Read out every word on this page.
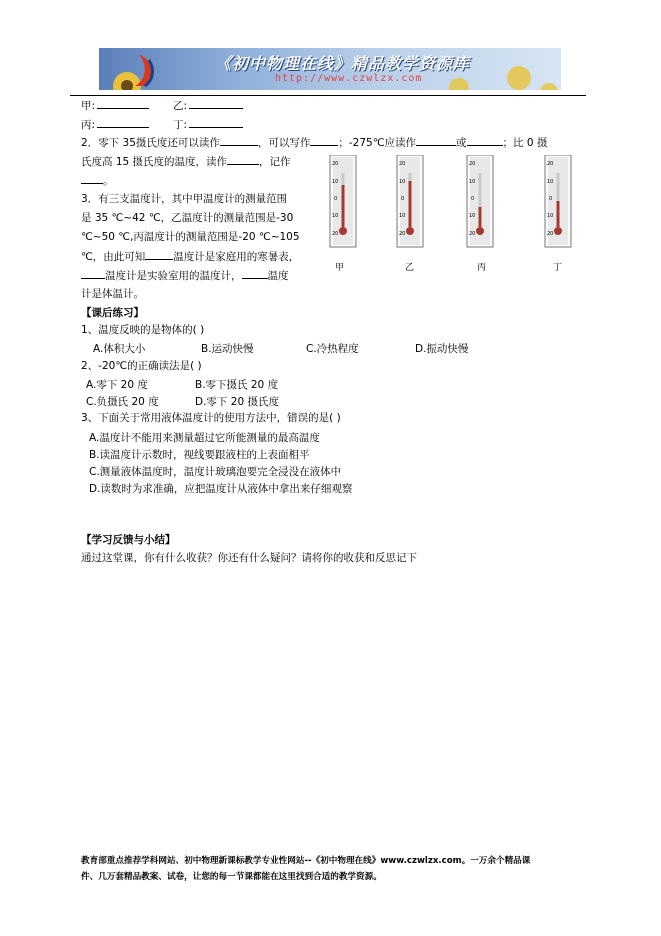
《初中物理在线》精品教学资源库
http://www.czwlzx.com
甲:	乙:
丙:	丁:
2．零下 35摄氏度还可以读作	，可以写作	；-275℃应读作	或	；比 0 摄
氏度高 15 摄氏度的温度，读作	，记作
。
3．有三支温度计，其中甲温度计的测量范围
是 35 ℃~42 ℃，乙温度计的测量范围是-30
℃~50 ℃,丙温度计的测量范围是-20 ℃~105
℃，由此可知	温度计是家庭用的寒暑表，
温度计是实验室用的温度计， 温度
计是体温计。
20
10
0
10
20
20
10
0
10
20
20
10
0
10
20
20
10
0
10
20
甲	乙	丙	丁
【课后练习】
1、温度反映的是物体的( )
A.体积大小	B.运动快慢	C.冷热程度	D.振动快慢
2、-20℃的正确读法是( )
A.零下 20 度	B.零下摄氏 20 度
C.负摄氏 20 度	D.零下 20 摄氏度
3、下面关于常用液体温度计的使用方法中，错误的是( )
A.温度计不能用来测量超过它所能测量的最高温度
B.读温度计示数时，视线要跟液柱的上表面相平
C.测量液体温度时，温度计玻璃泡要完全浸没在液体中
D.读数时为求准确，应把温度计从液体中拿出来仔细观察
【学习反馈与小结】
通过这堂课，你有什么收获？你还有什么疑问？请将你的收获和反思记下
教育部重点推荐学科网站、初中物理新课标教学专业性网站--《初中物理在线》www.czwlzx.com。一万余个精品课
件、几万套精品教案、试卷，让您的每一节课都能在这里找到合适的教学资源。
